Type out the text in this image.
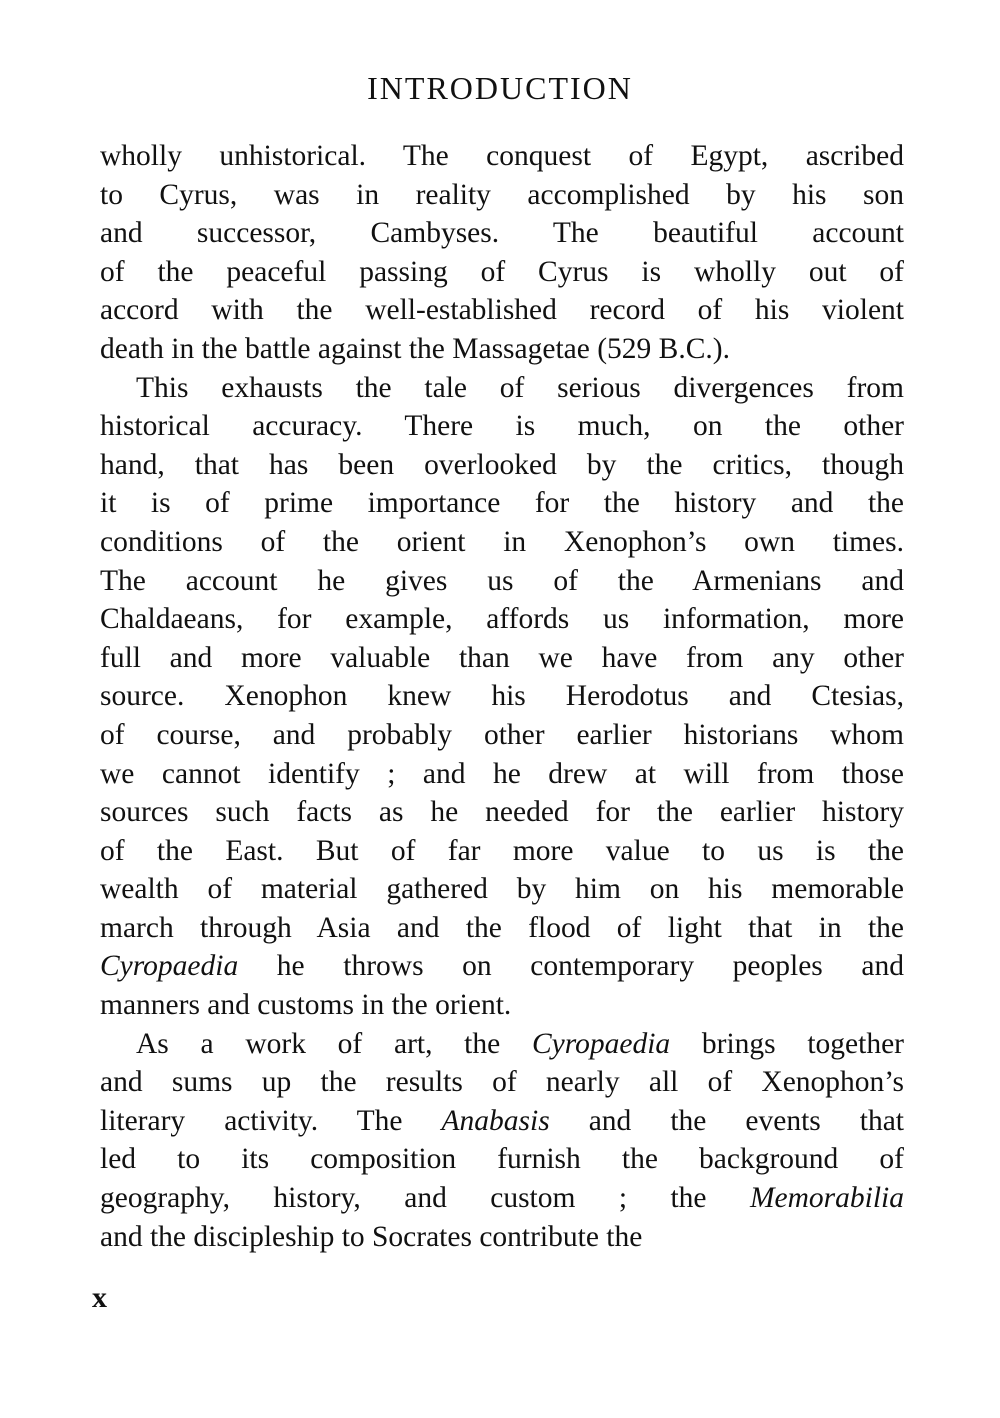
INTRODUCTION
wholly unhistorical. The conquest of Egypt, ascribed
to Cyrus, was in reality accomplished by his son
and successor, Cambyses. The beautiful account
of the peaceful passing of Cyrus is wholly out of
accord with the well-established record of his violent
death in the battle against the Massagetae (529 B.C.).
This exhausts the tale of serious divergences from
historical accuracy. There is much, on the other
hand, that has been overlooked by the critics, though
it is of prime importance for the history and the
conditions of the orient in Xenophon’s own times.
The account he gives us of the Armenians and
Chaldaeans, for example, affords us information, more
full and more valuable than we have from any other
source. Xenophon knew his Herodotus and Ctesias,
of course, and probably other earlier historians whom
we cannot identify ; and he drew at will from those
sources such facts as he needed for the earlier history
of the East. But of far more value to us is the
wealth of material gathered by him on his memorable
march through Asia and the flood of light that in the
Cyropaedia he throws on contemporary peoples and
manners and customs in the orient.
As a work of art, the Cyropaedia brings together
and sums up the results of nearly all of Xenophon’s
literary activity. The Anabasis and the events that
led to its composition furnish the background of
geography, history, and custom ; the Memorabilia
and the discipleship to Socrates contribute the
x
